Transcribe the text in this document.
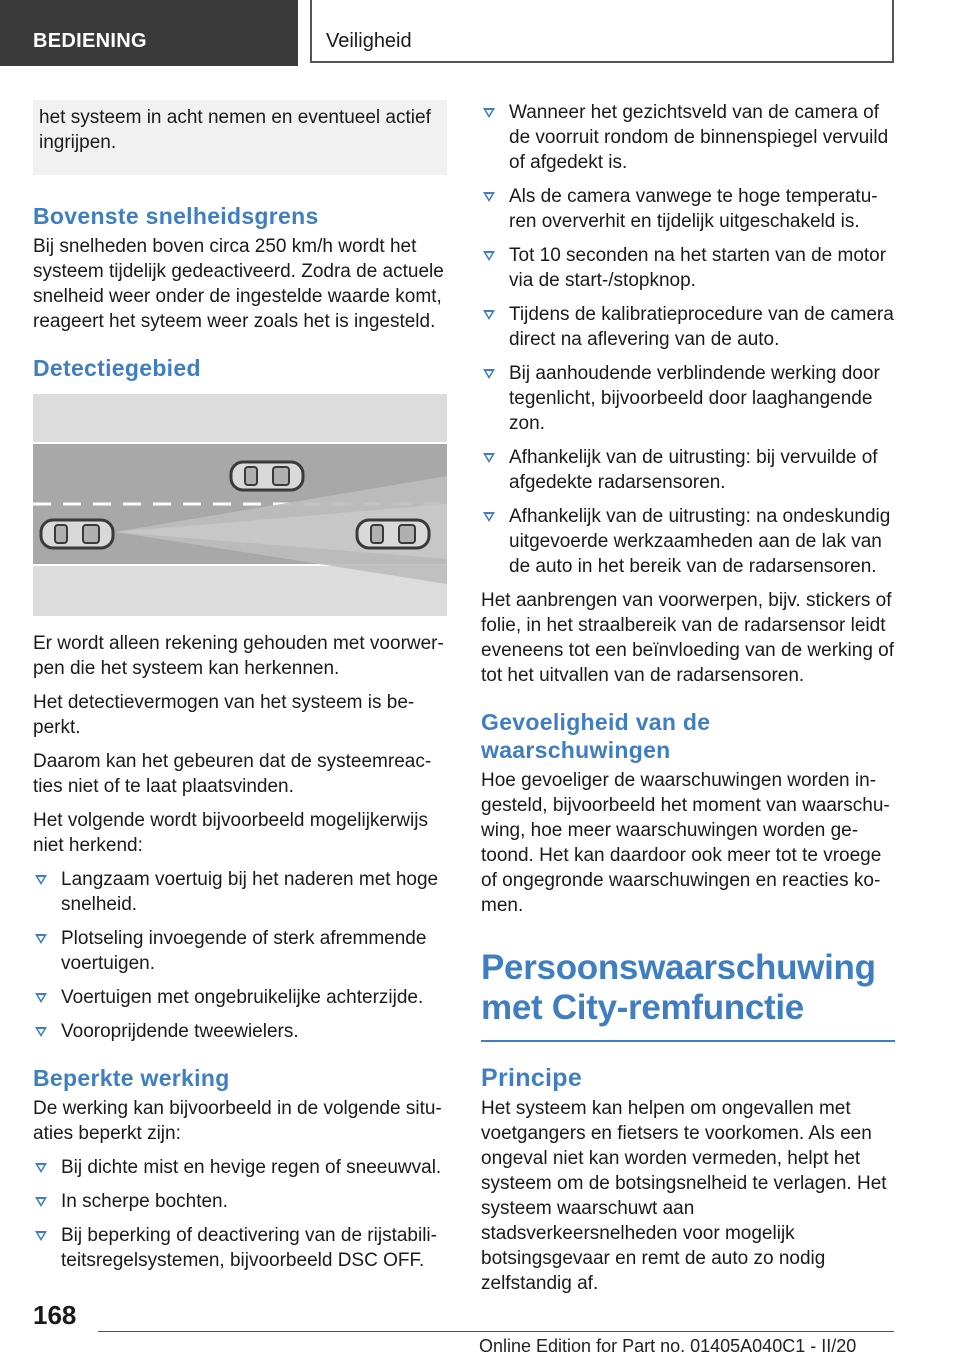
BEDIENING	Veiligheid

het systeem in acht nemen en eventueel actief ingrijpen.

Bovenste snelheidsgrens

Bij snelheden boven circa 250 km/h wordt het systeem tijdelijk gedeactiveerd. Zodra de actuele snelheid weer onder de ingestelde waarde komt, reageert het syteem weer zoals het is ingesteld.

Detectiegebied

Er wordt alleen rekening gehouden met voorwerpen die het systeem kan herkennen.

Het detectievermogen van het systeem is beperkt.

Daarom kan het gebeuren dat de systeemreacties niet of te laat plaatsvinden.

Het volgende wordt bijvoorbeeld mogelijkerwijs niet herkend:

Langzaam voertuig bij het naderen met hoge snelheid.
Plotseling invoegende of sterk afremmende voertuigen.
Voertuigen met ongebruikelijke achterzijde.
Vooroprijdende tweewielers.
Beperkte werking

De werking kan bijvoorbeeld in de volgende situaties beperkt zijn:

Bij dichte mist en hevige regen of sneeuwval.
In scherpe bochten.
Bij beperking of deactivering van de rijstabiliteitsregelsystemen, bijvoorbeeld DSC OFF.
Wanneer het gezichtsveld van de camera of de voorruit rondom de binnenspiegel vervuild of afgedekt is.
Als de camera vanwege te hoge temperaturen oververhit en tijdelijk uitgeschakeld is.
Tot 10 seconden na het starten van de motor via de start-/stopknop.
Tijdens de kalibratieprocedure van de camera direct na aflevering van de auto.
Bij aanhoudende verblindende werking door tegenlicht, bijvoorbeeld door laaghangende zon.
Afhankelijk van de uitrusting: bij vervuilde of afgedekte radarsensoren.
Afhankelijk van de uitrusting: na ondeskundig uitgevoerde werkzaamheden aan de lak van de auto in het bereik van de radarsensoren.

Het aanbrengen van voorwerpen, bijv. stickers of folie, in het straalbereik van de radarsensor leidt eveneens tot een beïnvloeding van de werking of tot het uitvallen van de radarsensoren.

Gevoeligheid van de waarschuwingen

Hoe gevoeliger de waarschuwingen worden ingesteld, bijvoorbeeld het moment van waarschuwing, hoe meer waarschuwingen worden getoond. Het kan daardoor ook meer tot te vroege of ongegronde waarschuwingen en reacties komen.

Persoonswaarschuwing met City-remfunctie
Principe

Het systeem kan helpen om ongevallen met voetgangers en fietsers te voorkomen. Als een ongeval niet kan worden vermeden, helpt het systeem om de botsingsnelheid te verlagen. Het systeem waarschuwt aan stadsverkeersnelheden voor mogelijk botsingsgevaar en remt de auto zo nodig zelfstandig af.

168
Online Edition for Part no. 01405A040C1 - II/20
